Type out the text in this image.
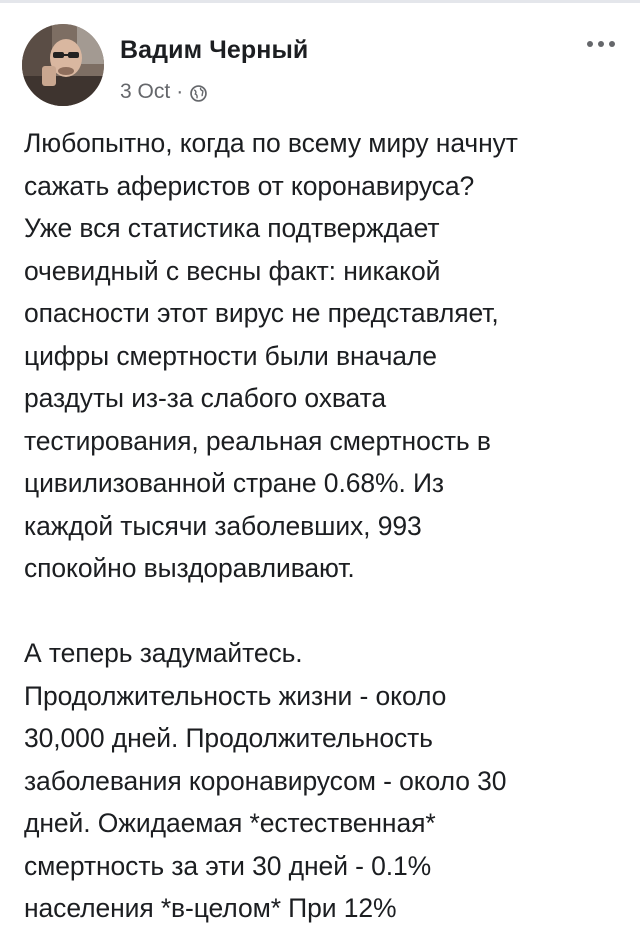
Вадим Черный
3 Oct ·

Любопытно, когда по всему миру начнут
сажать аферистов от коронавируса?
Уже вся статистика подтверждает
очевидный с весны факт: никакой
опасности этот вирус не представляет,
цифры смертности были вначале
раздуты из-за слабого охвата
тестирования, реальная смертность в
цивилизованной стране 0.68%. Из
каждой тысячи заболевших, 993
спокойно выздоравливают.

А теперь задумайтесь.
Продолжительность жизни - около
30,000 дней. Продолжительность
заболевания коронавирусом - около 30
дней. Ожидаемая *естественная*
смертность за эти 30 дней - 0.1%
населения *в-целом* При 12%
